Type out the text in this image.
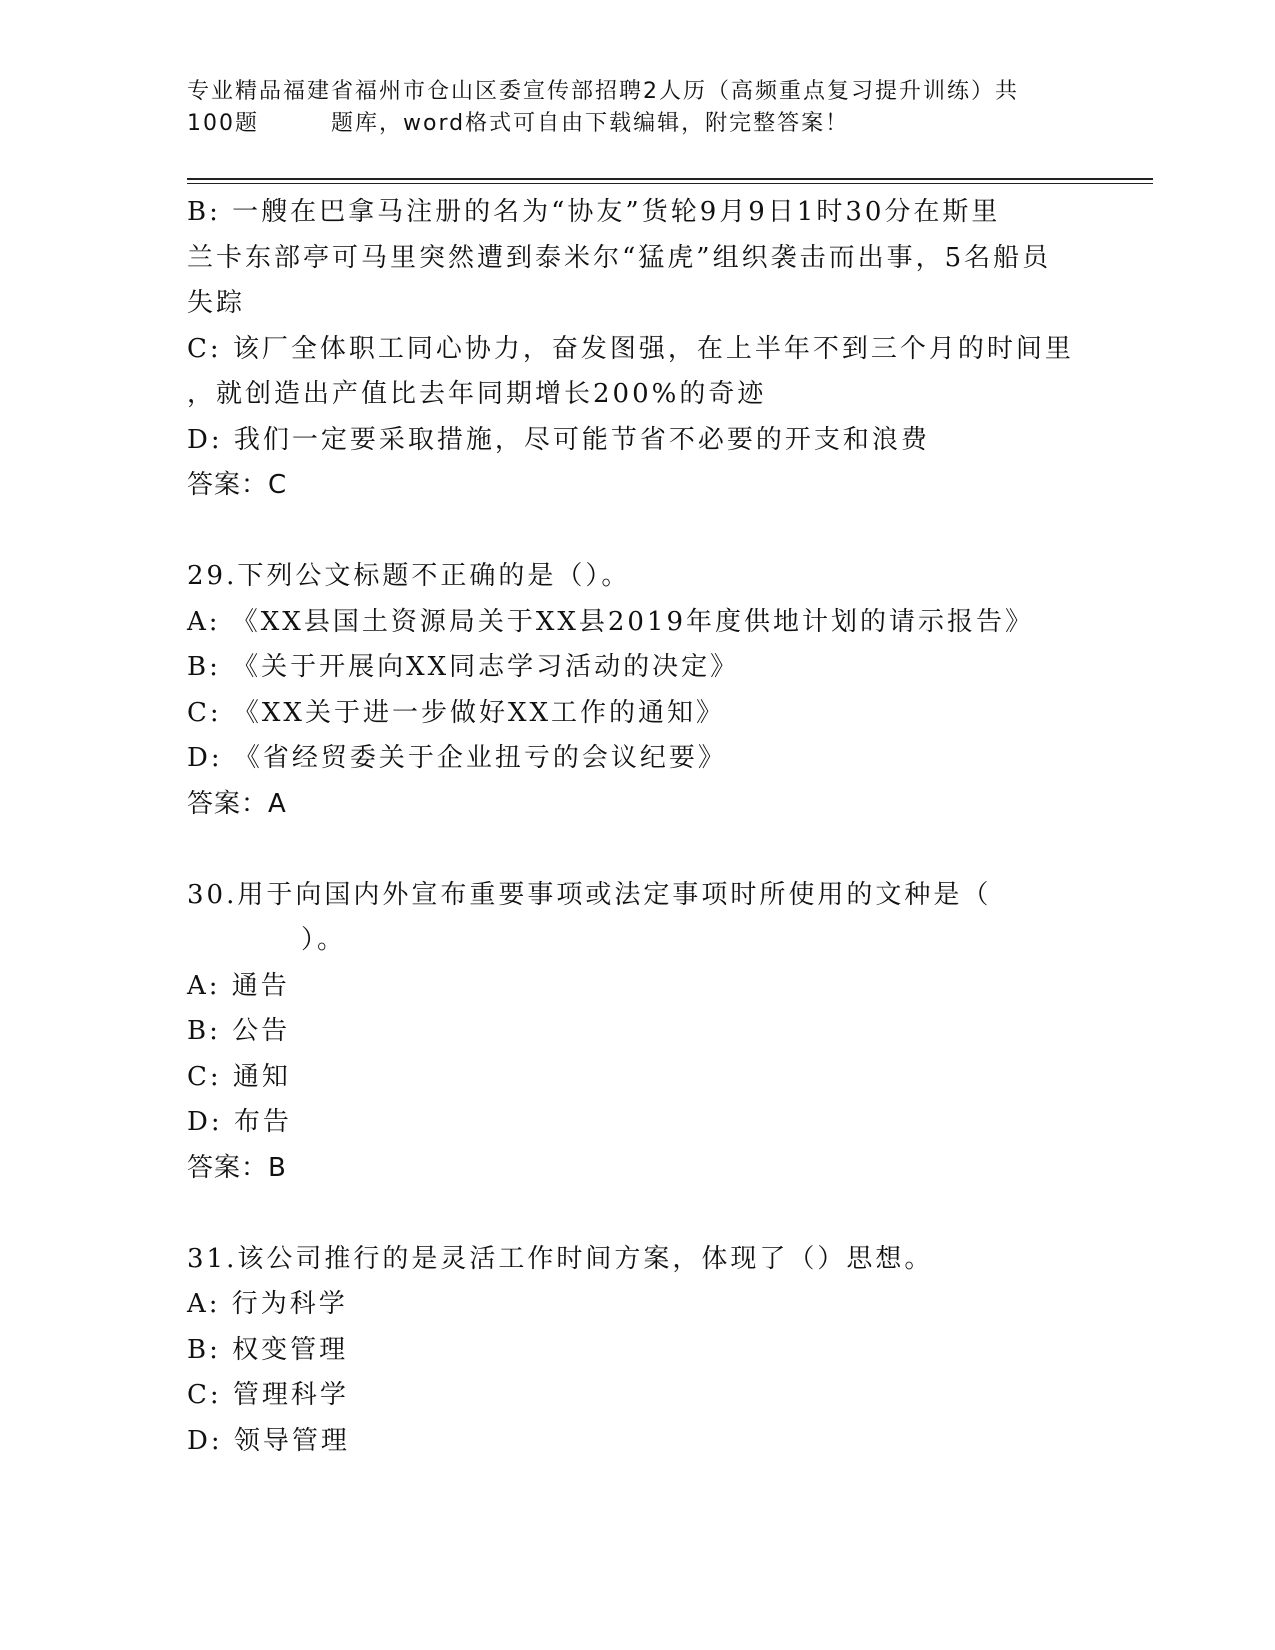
专业精品福建省福州市仓山区委宣传部招聘2人历（高频重点复习提升训练）共
100题	题库，word格式可自由下载编辑，附完整答案！
B: 一艘在巴拿马注册的名为“协友”货轮9月9日1时30分在斯里
兰卡东部亭可马里突然遭到泰米尔“猛虎”组织袭击而出事，5名船员
失踪
C: 该厂全体职工同心协力，奋发图强，在上半年不到三个月的时间里
，就创造出产值比去年同期增长200%的奇迹
D: 我们一定要采取措施，尽可能节省不必要的开支和浪费
答案：C
29.下列公文标题不正确的是（）。
A: 《XX县国土资源局关于XX县2019年度供地计划的请示报告》
B: 《关于开展向XX同志学习活动的决定》
C: 《XX关于进一步做好XX工作的通知》
D: 《省经贸委关于企业扭亏的会议纪要》
答案：A
30.用于向国内外宣布重要事项或法定事项时所使用的文种是（
）。
A: 通告
B: 公告
C: 通知
D: 布告
答案：B
31.该公司推行的是灵活工作时间方案，体现了（）思想。
A: 行为科学
B: 权变管理
C: 管理科学
D: 领导管理
